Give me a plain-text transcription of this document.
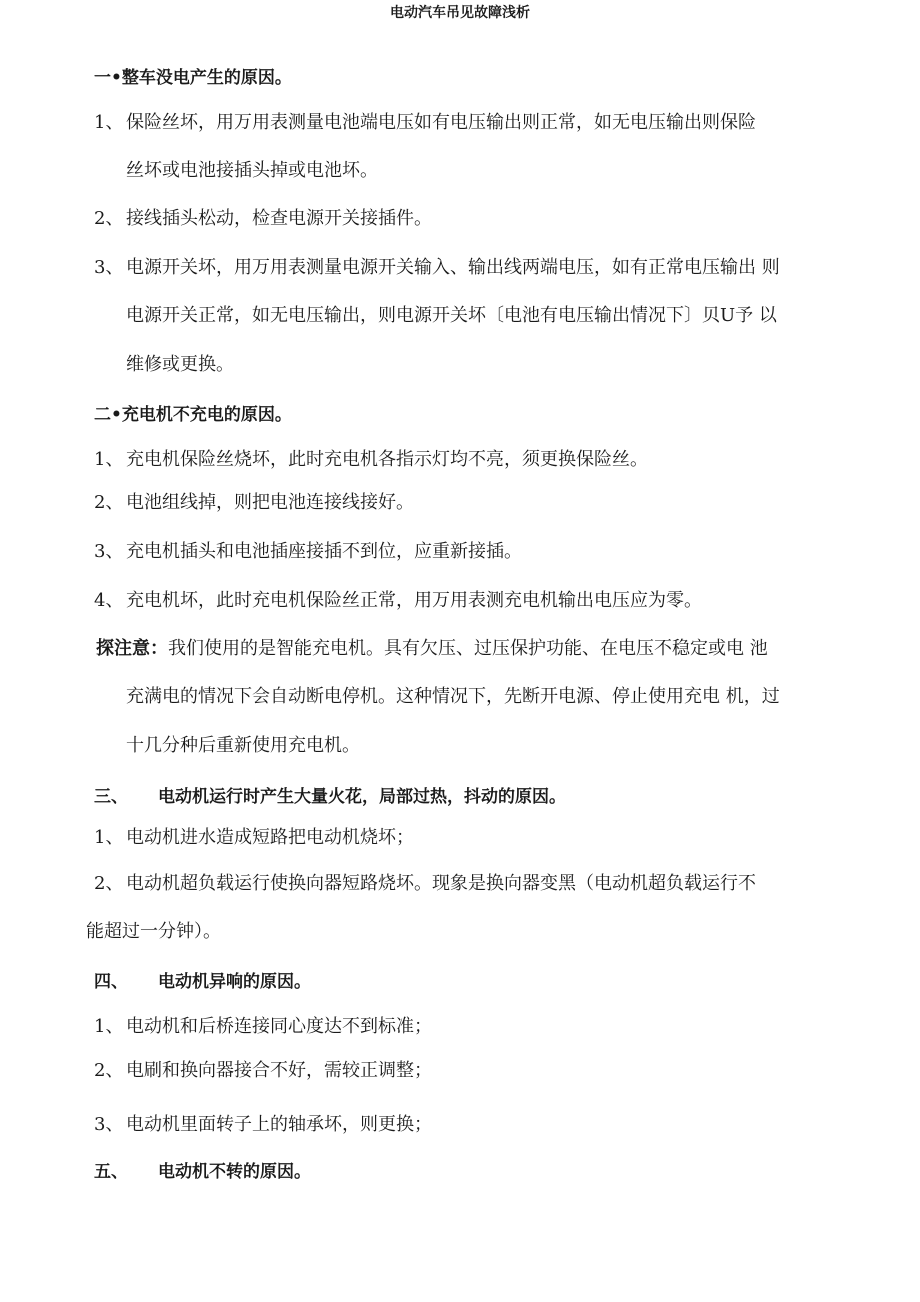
电动汽车吊见故障浅析
一•整车没电产生的原因。
1、 保险丝坏，用万用表测量电池端电压如有电压输出则正常，如无电压输出则保险
丝坏或电池接插头掉或电池坏。
2、 接线插头松动，检查电源开关接插件。
3、 电源开关坏，用万用表测量电源开关输入、输出线两端电压，如有正常电压输出 则
电源开关正常，如无电压输出，则电源开关坏〔电池有电压输出情况下〕贝U予 以
维修或更换。
二•充电机不充电的原因。
1、 充电机保险丝烧坏，此时充电机各指示灯均不亮，须更换保险丝。
2、 电池组线掉，则把电池连接线接好。
3、 充电机插头和电池插座接插不到位，应重新接插。
4、 充电机坏，此时充电机保险丝正常，用万用表测充电机输出电压应为零。
探注意：我们使用的是智能充电机。具有欠压、过压保护功能、在电压不稳定或电 池
充满电的情况下会自动断电停机。这种情况下，先断开电源、停止使用充电 机，过
十几分种后重新使用充电机。
三、 电动机运行时产生大量火花，局部过热，抖动的原因。
1、 电动机进水造成短路把电动机烧坏；
2、 电动机超负载运行使换向器短路烧坏。现象是换向器变黑（电动机超负载运行不
能超过一分钟）。
四、 电动机异响的原因。
1、 电动机和后桥连接同心度达不到标准；
2、 电刷和换向器接合不好，需较正调整；
3、 电动机里面转子上的轴承坏，则更换；
五、 电动机不转的原因。
